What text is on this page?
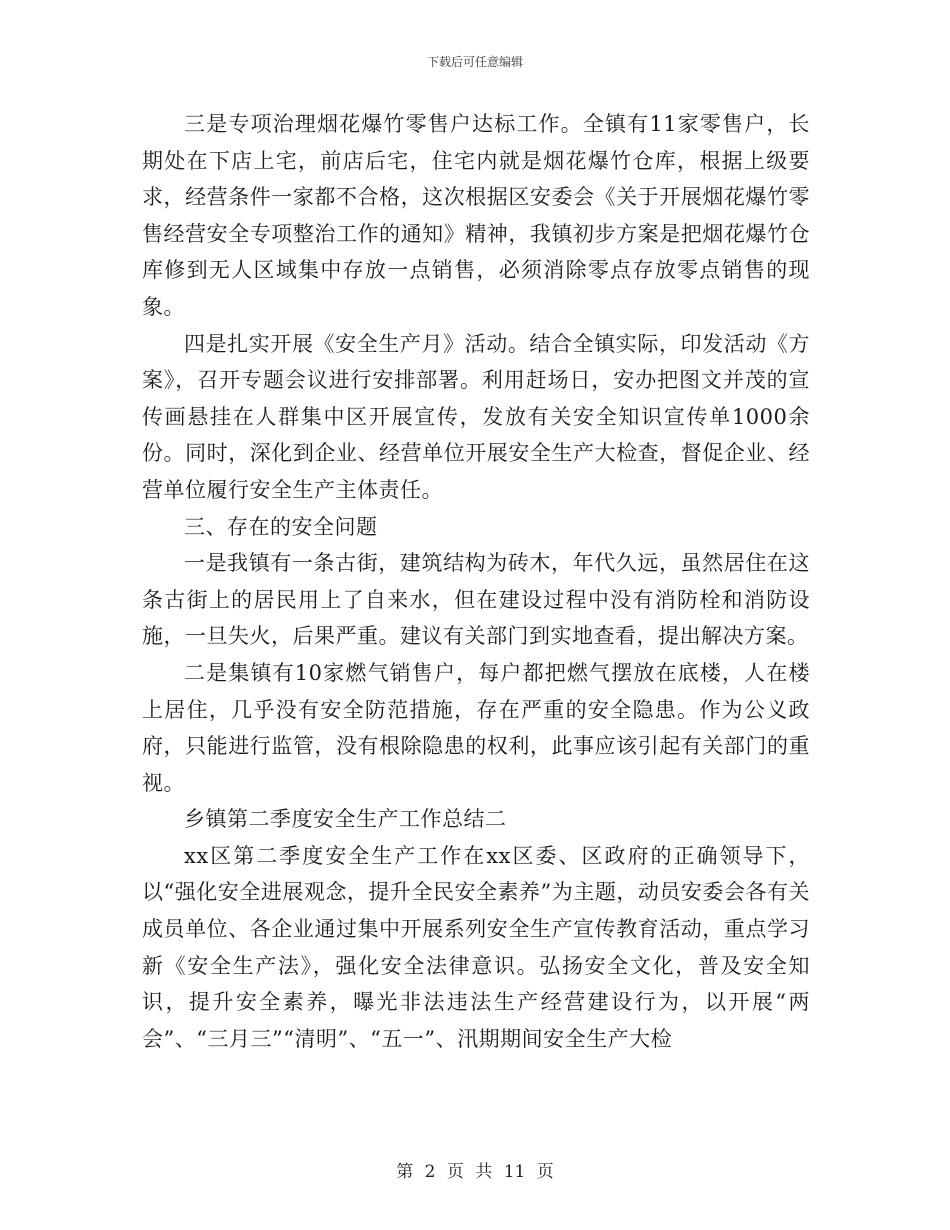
下载后可任意编辑

三是专项治理烟花爆竹零售户达标工作。全镇有11家零售户，长期处在下店上宅，前店后宅，住宅内就是烟花爆竹仓库，根据上级要求，经营条件一家都不合格，这次根据区安委会《关于开展烟花爆竹零售经营安全专项整治工作的通知》精神，我镇初步方案是把烟花爆竹仓库修到无人区域集中存放一点销售，必须消除零点存放零点销售的现象。

四是扎实开展《安全生产月》活动。结合全镇实际，印发活动《方案》，召开专题会议进行安排部署。利用赶场日，安办把图文并茂的宣传画悬挂在人群集中区开展宣传，发放有关安全知识宣传单1000余份。同时，深化到企业、经营单位开展安全生产大检查，督促企业、经营单位履行安全生产主体责任。

三、存在的安全问题

一是我镇有一条古街，建筑结构为砖木，年代久远，虽然居住在这条古街上的居民用上了自来水，但在建设过程中没有消防栓和消防设施，一旦失火，后果严重。建议有关部门到实地查看，提出解决方案。

二是集镇有10家燃气销售户，每户都把燃气摆放在底楼，人在楼上居住，几乎没有安全防范措施，存在严重的安全隐患。作为公义政府，只能进行监管，没有根除隐患的权利，此事应该引起有关部门的重视。

乡镇第二季度安全生产工作总结二

xx区第二季度安全生产工作在xx区委、区政府的正确领导下，以“强化安全进展观念，提升全民安全素养”为主题，动员安委会各有关成员单位、各企业通过集中开展系列安全生产宣传教育活动，重点学习新《安全生产法》，强化安全法律意识。弘扬安全文化，普及安全知识，提升安全素养，曝光非法违法生产经营建设行为，以开展“两会”、“三月三”“清明”、“五一”、汛期期间安全生产大检

第 2 页 共 11 页
